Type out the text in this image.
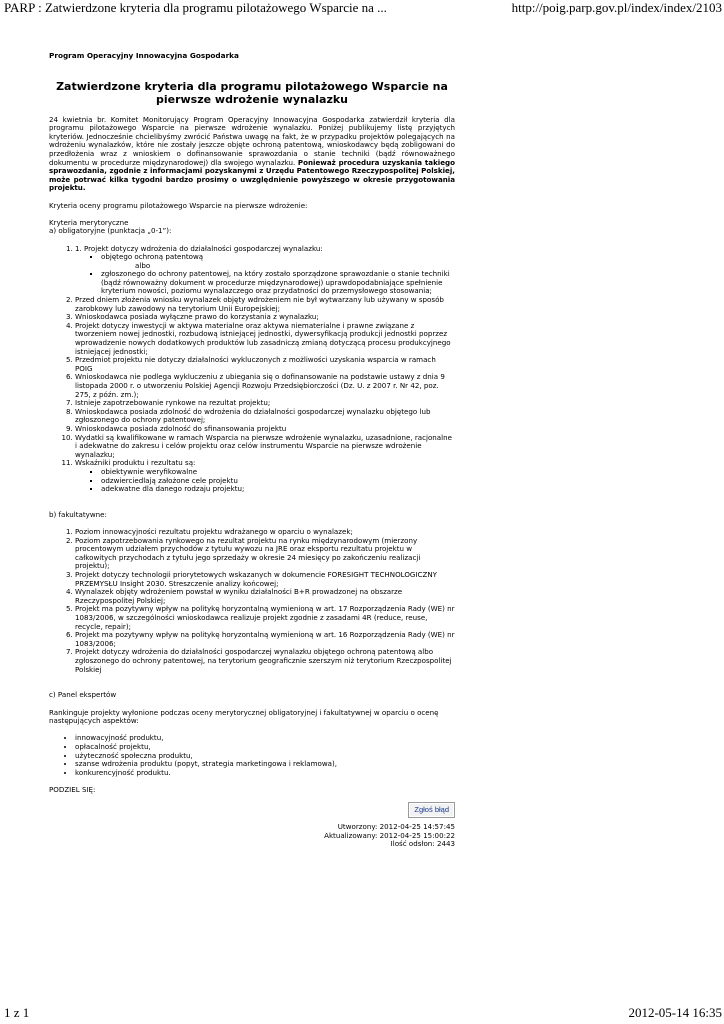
PARP : Zatwierdzone kryteria dla programu pilotażowego Wsparcie na ...	http://poig.parp.gov.pl/index/index/2103

Program Operacyjny Innowacyjna Gospodarka

Zatwierdzone kryteria dla programu pilotażowego Wsparcie na pierwsze wdrożenie wynalazku

24 kwietnia br. Komitet Monitorujący Program Operacyjny Innowacyjna Gospodarka zatwierdził kryteria dla programu pilotażowego Wsparcie na pierwsze wdrożenie wynalazku. Poniżej publikujemy listę przyjętych kryteriów. Jednocześnie chcielibyśmy zwrócić Państwa uwagę na fakt, że w przypadku projektów polegających na wdrożeniu wynalazków, które nie zostały jeszcze objęte ochroną patentową, wnioskodawcy będą zobligowani do przedłożenia wraz z wnioskiem o dofinansowanie sprawozdania o stanie techniki (bądź równoważnego dokumentu w procedurze międzynarodowej) dla swojego wynalazku. Ponieważ procedura uzyskania takiego sprawozdania, zgodnie z informacjami pozyskanymi z Urzędu Patentowego Rzeczypospolitej Polskiej, może potrwać kilka tygodni bardzo prosimy o uwzględnienie powyższego w okresie przygotowania projektu.

Kryteria oceny programu pilotażowego Wsparcie na pierwsze wdrożenie:

Kryteria merytoryczne

a) obligatoryjne (punktacja „0-1”):

1. 1. Projekt dotyczy wdrożenia do działalności gospodarczej wynalazku:
▪ objętego ochroną patentową
albo
▪ zgłoszonego do ochrony patentowej, na który zostało sporządzone sprawozdanie o stanie techniki (bądź równoważny dokument w procedurze międzynarodowej) uprawdopodabniające spełnienie kryterium nowości, poziomu wynalazczego oraz przydatności do przemysłowego stosowania;
2. Przed dniem złożenia wniosku wynalazek objęty wdrożeniem nie był wytwarzany lub używany w sposób zarobkowy lub zawodowy na terytorium Unii Europejskiej;
3. Wnioskodawca posiada wyłączne prawo do korzystania z wynalazku;
4. Projekt dotyczy inwestycji w aktywa materialne oraz aktywa niematerialne i prawne związane z tworzeniem nowej jednostki, rozbudową istniejącej jednostki, dywersyfikacją produkcji jednostki poprzez wprowadzenie nowych dodatkowych produktów lub zasadniczą zmianą dotyczącą procesu produkcyjnego istniejącej jednostki;
5. Przedmiot projektu nie dotyczy działalności wykluczonych z możliwości uzyskania wsparcia w ramach POIG
6. Wnioskodawca nie podlega wykluczeniu z ubiegania się o dofinansowanie na podstawie ustawy z dnia 9 listopada 2000 r. o utworzeniu Polskiej Agencji Rozwoju Przedsiębiorczości (Dz. U. z 2007 r. Nr 42, poz. 275, z późn. zm.);
7. Istnieje zapotrzebowanie rynkowe na rezultat projektu;
8. Wnioskodawca posiada zdolność do wdrożenia do działalności gospodarczej wynalazku objętego lub zgłoszonego do ochrony patentowej;
9. Wnioskodawca posiada zdolność do sfinansowania projektu
10. Wydatki są kwalifikowane w ramach Wsparcia na pierwsze wdrożenie wynalazku, uzasadnione, racjonalne i adekwatne do zakresu i celów projektu oraz celów instrumentu Wsparcie na pierwsze wdrożenie wynalazku;
11. Wskaźniki produktu i rezultatu są:
▪ obiektywnie weryfikowalne
▪ odzwierciedlają założone cele projektu
▪ adekwatne dla danego rodzaju projektu;

b) fakultatywne:

1. Poziom innowacyjności rezultatu projektu wdrażanego w oparciu o wynalazek;
2. Poziom zapotrzebowania rynkowego na rezultat projektu na rynku międzynarodowym (mierzony procentowym udziałem przychodów z tytułu wywozu na JRE oraz eksportu rezultatu projektu w całkowitych przychodach z tytułu jego sprzedaży w okresie 24 miesięcy po zakończeniu realizacji projektu);
3. Projekt dotyczy technologii priorytetowych wskazanych w dokumencie FORESIGHT TECHNOLOGICZNY PRZEMYSŁU Insight 2030. Streszczenie analizy końcowej;
4. Wynalazek objęty wdrożeniem powstał w wyniku działalności B+R prowadzonej na obszarze Rzeczypospolitej Polskiej;
5. Projekt ma pozytywny wpływ na politykę horyzontalną wymienioną w art. 17 Rozporządzenia Rady (WE) nr 1083/2006, w szczególności wnioskodawca realizuje projekt zgodnie z zasadami 4R (reduce, reuse, recycle, repair);
6. Projekt ma pozytywny wpływ na politykę horyzontalną wymienioną w art. 16 Rozporządzenia Rady (WE) nr 1083/2006;
7. Projekt dotyczy wdrożenia do działalności gospodarczej wynalazku objętego ochroną patentową albo zgłoszonego do ochrony patentowej, na terytorium geograficznie szerszym niż terytorium Rzeczpospolitej Polskiej

c) Panel ekspertów

Rankinguje projekty wyłonione podczas oceny merytorycznej obligatoryjnej i fakultatywnej w oparciu o ocenę następujących aspektów:

• innowacyjność produktu,
• opłacalność projektu,
• użyteczność społeczna produktu,
• szanse wdrożenia produktu (popyt, strategia marketingowa i reklamowa),
• konkurencyjność produktu.

PODZIEL SIĘ:

Zgłoś błąd

Utworzony: 2012-04-25 14:57:45

Aktualizowany: 2012-04-25 15:00:22

Ilość odsłon: 2443

1 z 1	2012-05-14 16:35
